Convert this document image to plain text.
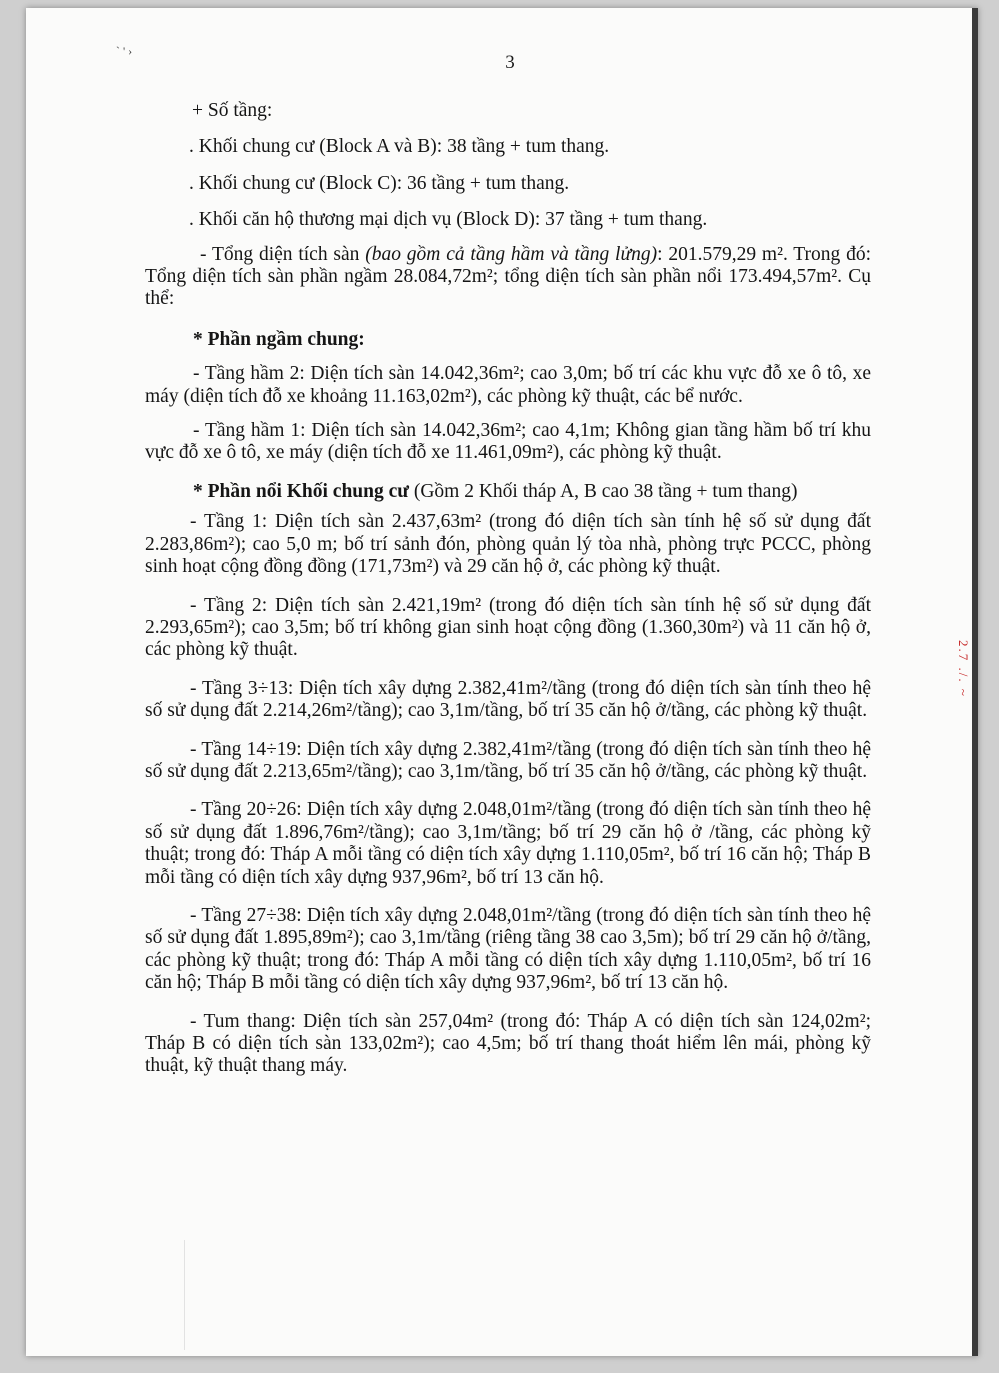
` ' ›
3
2.7 ./. ~

+ Số tầng:

. Khối chung cư (Block A và B): 38 tầng + tum thang.

. Khối chung cư (Block C): 36 tầng + tum thang.

. Khối căn hộ thương mại dịch vụ (Block D): 37 tầng + tum thang.

- Tổng diện tích sàn (bao gồm cả tầng hầm và tầng lửng): 201.579,29 m². Trong đó: Tổng diện tích sàn phần ngầm 28.084,72m²; tổng diện tích sàn phần nổi 173.494,57m². Cụ thể:

* Phần ngầm chung:

- Tầng hầm 2: Diện tích sàn 14.042,36m²; cao 3,0m; bố trí các khu vực đỗ xe ô tô, xe máy (diện tích đỗ xe khoảng 11.163,02m²), các phòng kỹ thuật, các bể nước.

- Tầng hầm 1: Diện tích sàn 14.042,36m²; cao 4,1m; Không gian tầng hầm bố trí khu vực đỗ xe ô tô, xe máy (diện tích đỗ xe 11.461,09m²), các phòng kỹ thuật.

* Phần nổi Khối chung cư (Gồm 2 Khối tháp A, B cao 38 tầng + tum thang)

- Tầng 1: Diện tích sàn 2.437,63m² (trong đó diện tích sàn tính hệ số sử dụng đất 2.283,86m²); cao 5,0 m; bố trí sảnh đón, phòng quản lý tòa nhà, phòng trực PCCC, phòng sinh hoạt cộng đồng đồng (171,73m²) và 29 căn hộ ở, các phòng kỹ thuật.

- Tầng 2: Diện tích sàn 2.421,19m² (trong đó diện tích sàn tính hệ số sử dụng đất 2.293,65m²); cao 3,5m; bố trí không gian sinh hoạt cộng đồng (1.360,30m²) và 11 căn hộ ở, các phòng kỹ thuật.

- Tầng 3÷13: Diện tích xây dựng 2.382,41m²/tầng (trong đó diện tích sàn tính theo hệ số sử dụng đất 2.214,26m²/tầng); cao 3,1m/tầng, bố trí 35 căn hộ ở/tầng, các phòng kỹ thuật.

- Tầng 14÷19: Diện tích xây dựng 2.382,41m²/tầng (trong đó diện tích sàn tính theo hệ số sử dụng đất 2.213,65m²/tầng); cao 3,1m/tầng, bố trí 35 căn hộ ở/tầng, các phòng kỹ thuật.

- Tầng 20÷26: Diện tích xây dựng 2.048,01m²/tầng (trong đó diện tích sàn tính theo hệ số sử dụng đất 1.896,76m²/tầng); cao 3,1m/tầng; bố trí 29 căn hộ ở /tầng, các phòng kỹ thuật; trong đó: Tháp A mỗi tầng có diện tích xây dựng 1.110,05m², bố trí 16 căn hộ; Tháp B mỗi tầng có diện tích xây dựng 937,96m², bố trí 13 căn hộ.

- Tầng 27÷38: Diện tích xây dựng 2.048,01m²/tầng (trong đó diện tích sàn tính theo hệ số sử dụng đất 1.895,89m²); cao 3,1m/tầng (riêng tầng 38 cao 3,5m); bố trí 29 căn hộ ở/tầng, các phòng kỹ thuật; trong đó: Tháp A mỗi tầng có diện tích xây dựng 1.110,05m², bố trí 16 căn hộ; Tháp B mỗi tầng có diện tích xây dựng 937,96m², bố trí 13 căn hộ.

- Tum thang: Diện tích sàn 257,04m² (trong đó: Tháp A có diện tích sàn 124,02m²; Tháp B có diện tích sàn 133,02m²); cao 4,5m; bố trí thang thoát hiểm lên mái, phòng kỹ thuật, kỹ thuật thang máy.
